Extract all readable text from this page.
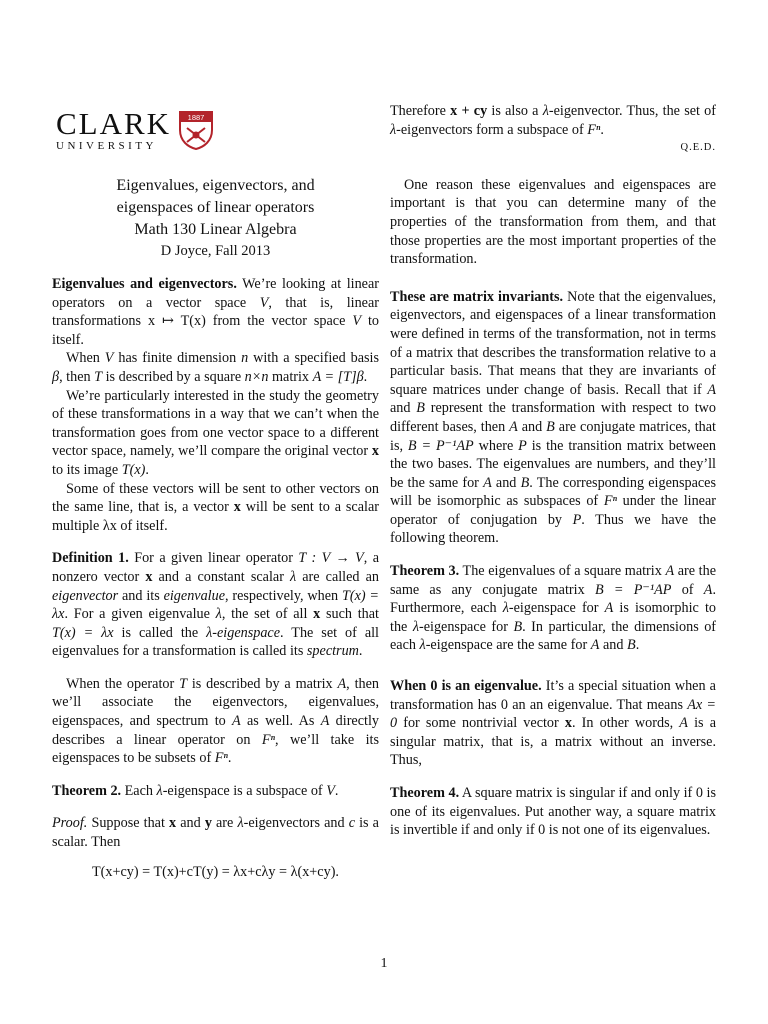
CLARK
UNIVERSITY
1887
Eigenvalues, eigenvectors, and
eigenspaces of linear operators
Math 130 Linear Algebra
D Joyce, Fall 2013

Eigenvalues and eigenvectors. We’re looking at linear operators on a vector space V, that is, linear transformations x ↦ T(x) from the vector space V to itself.

When V has finite dimension n with a specified basis β, then T is described by a square n×n matrix A = [T]β.

We’re particularly interested in the study the geometry of these transformations in a way that we can’t when the transformation goes from one vector space to a different vector space, namely, we’ll compare the original vector x to its image T(x).

Some of these vectors will be sent to other vectors on the same line, that is, a vector x will be sent to a scalar multiple λx of itself.

Definition 1. For a given linear operator T : V → V, a nonzero vector x and a constant scalar λ are called an eigenvector and its eigenvalue, respectively, when T(x) = λx. For a given eigenvalue λ, the set of all x such that T(x) = λx is called the λ-eigenspace. The set of all eigenvalues for a transformation is called its spectrum.

When the operator T is described by a matrix A, then we’ll associate the eigenvectors, eigenvalues, eigenspaces, and spectrum to A as well. As A directly describes a linear operator on Fⁿ, we’ll take its eigenspaces to be subsets of Fⁿ.

Theorem 2. Each λ-eigenspace is a subspace of V.

Proof. Suppose that x and y are λ-eigenvectors and c is a scalar. Then

T(x+cy) = T(x)+cT(y) = λx+cλy = λ(x+cy).

Therefore x + cy is also a λ-eigenvector. Thus, the set of λ-eigenvectors form a subspace of Fⁿ.

Q.E.D.

One reason these eigenvalues and eigenspaces are important is that you can determine many of the properties of the transformation from them, and that those properties are the most important properties of the transformation.

These are matrix invariants. Note that the eigenvalues, eigenvectors, and eigenspaces of a linear transformation were defined in terms of the transformation, not in terms of a matrix that describes the transformation relative to a particular basis. That means that they are invariants of square matrices under change of basis. Recall that if A and B represent the transformation with respect to two different bases, then A and B are conjugate matrices, that is, B = P⁻¹AP where P is the transition matrix between the two bases. The eigenvalues are numbers, and they’ll be the same for A and B. The corresponding eigenspaces will be isomorphic as subspaces of Fⁿ under the linear operator of conjugation by P. Thus we have the following theorem.

Theorem 3. The eigenvalues of a square matrix A are the same as any conjugate matrix B = P⁻¹AP of A. Furthermore, each λ-eigenspace for A is isomorphic to the λ-eigenspace for B. In particular, the dimensions of each λ-eigenspace are the same for A and B.

When 0 is an eigenvalue. It’s a special situation when a transformation has 0 an an eigenvalue. That means Ax = 0 for some nontrivial vector x. In other words, A is a singular matrix, that is, a matrix without an inverse. Thus,

Theorem 4. A square matrix is singular if and only if 0 is one of its eigenvalues. Put another way, a square matrix is invertible if and only if 0 is not one of its eigenvalues.

1
